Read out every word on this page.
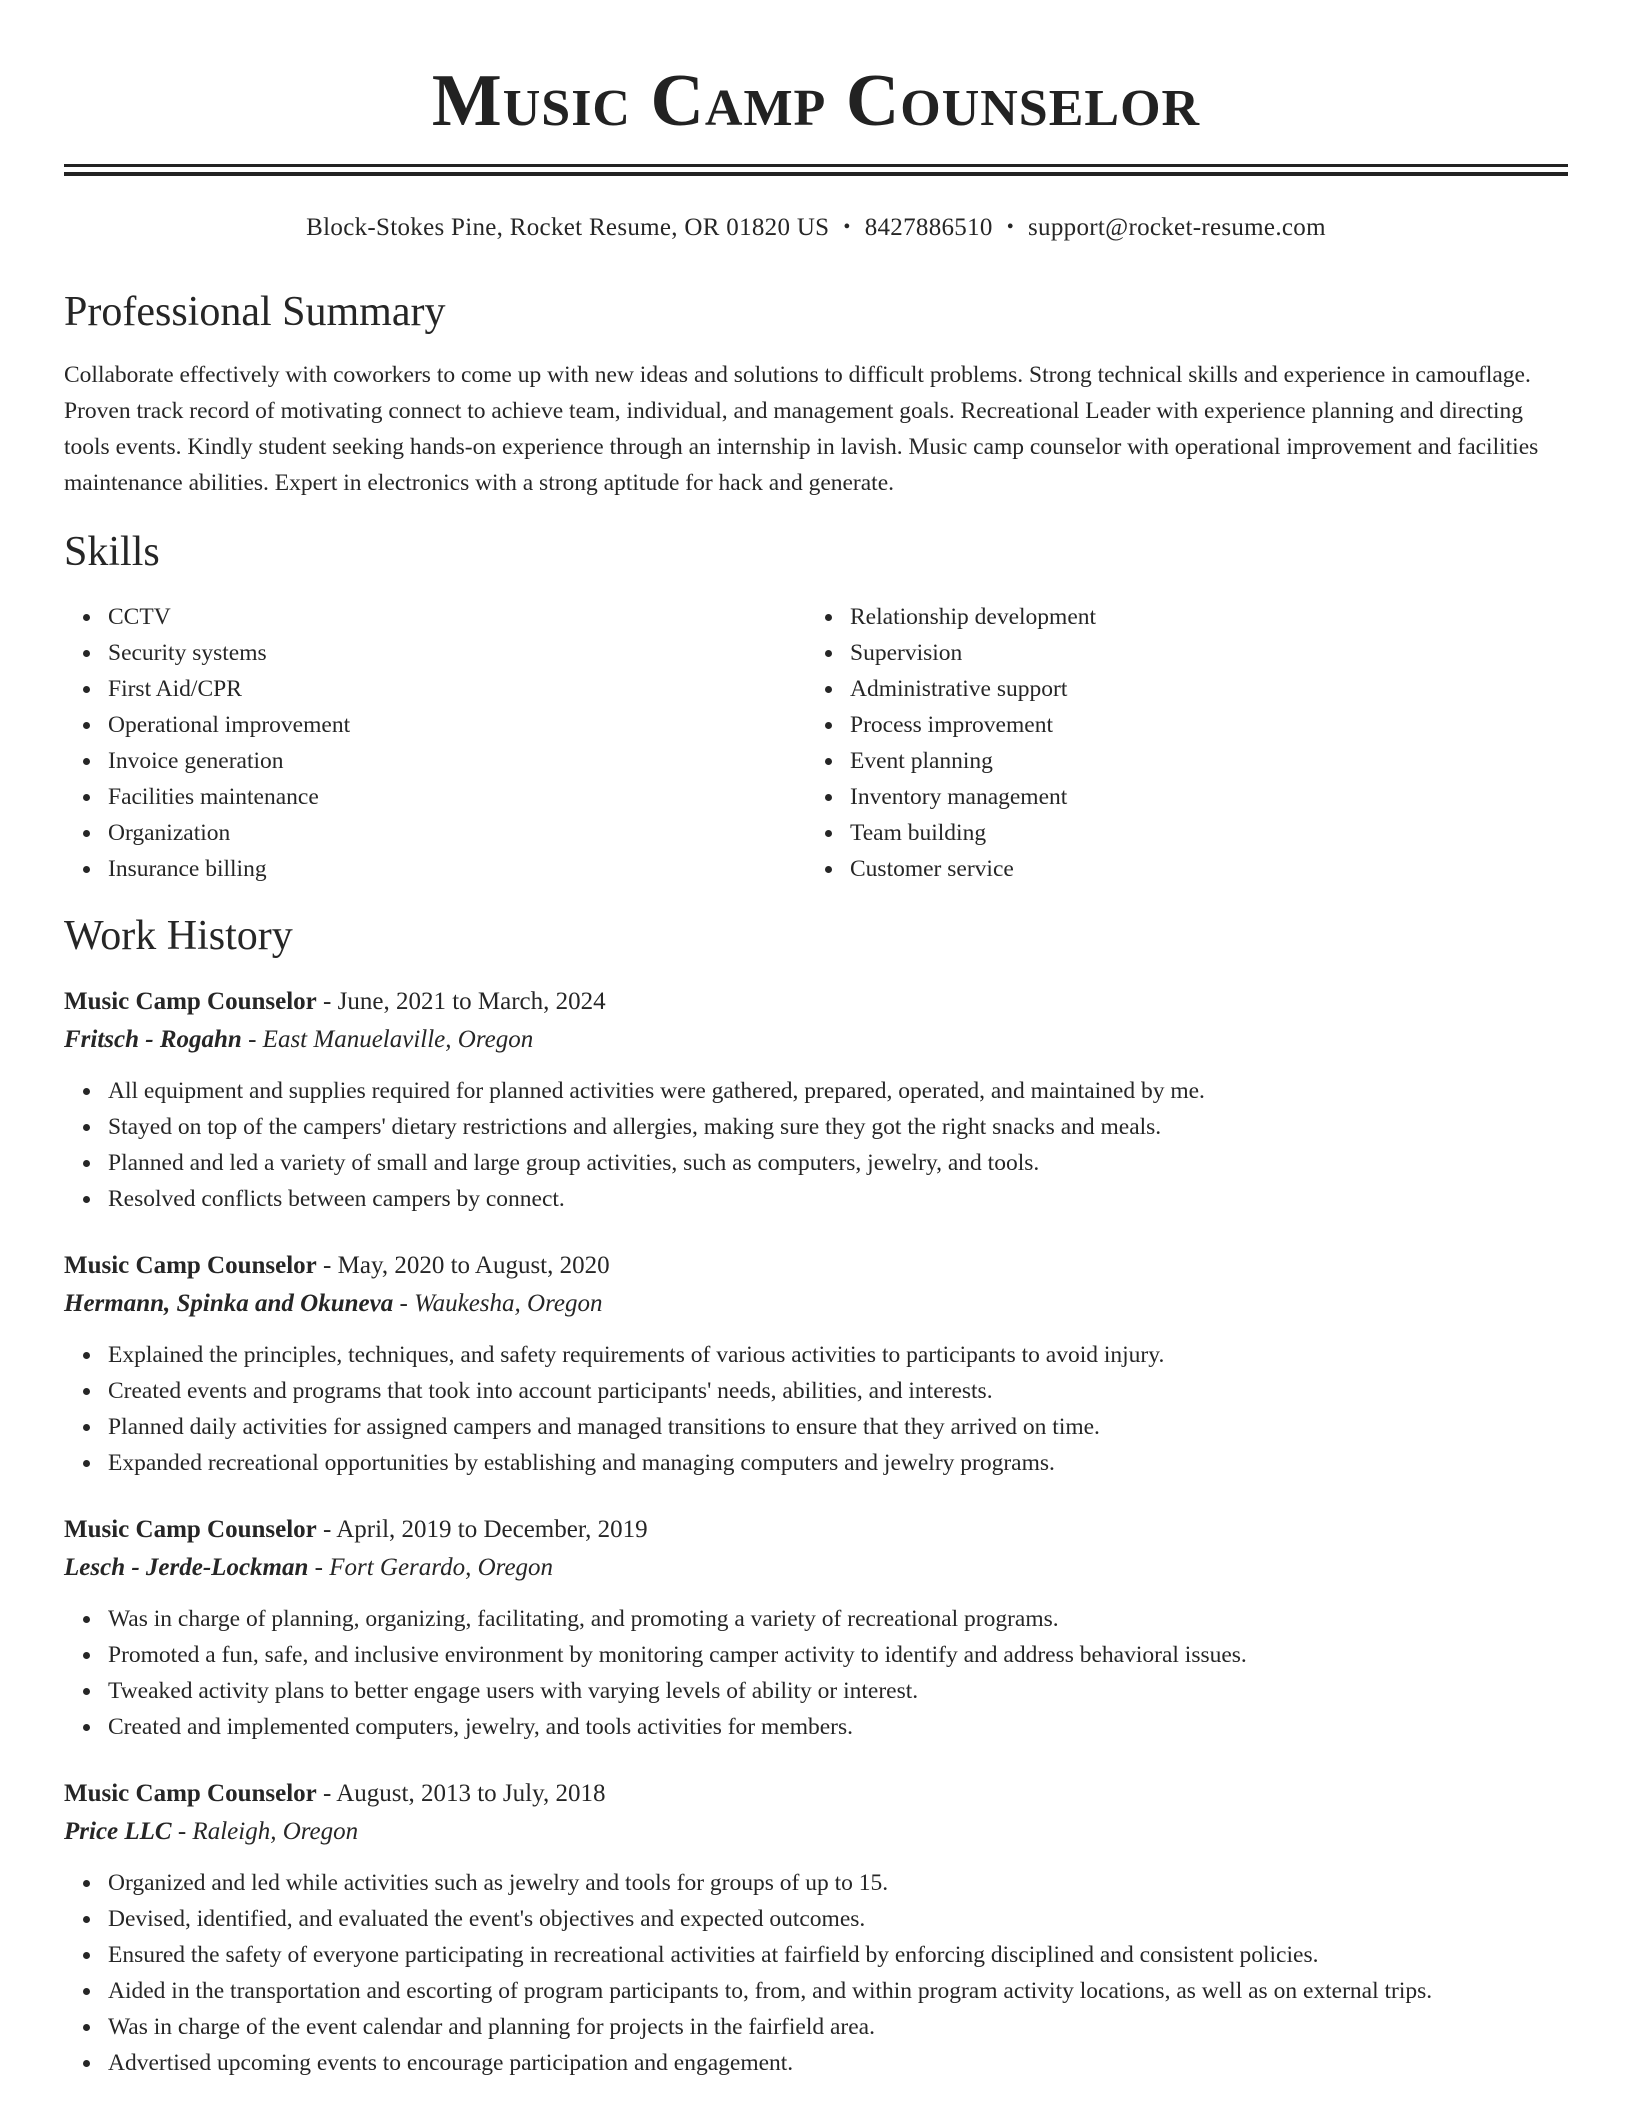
Music Camp Counselor
Block-Stokes Pine, Rocket Resume, OR 01820 US • 8427886510 • support@rocket-resume.com
Professional Summary

Collaborate effectively with coworkers to come up with new ideas and solutions to difficult problems. Strong technical skills and experience in camouflage. Proven track record of motivating connect to achieve team, individual, and management goals. Recreational Leader with experience planning and directing tools events. Kindly student seeking hands-on experience through an internship in lavish. Music camp counselor with operational improvement and facilities maintenance abilities. Expert in electronics with a strong aptitude for hack and generate.

Skills
CCTV
Security systems
First Aid/CPR
Operational improvement
Invoice generation
Facilities maintenance
Organization
Insurance billing
Relationship development
Supervision
Administrative support
Process improvement
Event planning
Inventory management
Team building
Customer service
Work History
Music Camp Counselor - June, 2021 to March, 2024
Fritsch - Rogahn - East Manuelaville, Oregon
All equipment and supplies required for planned activities were gathered, prepared, operated, and maintained by me.
Stayed on top of the campers' dietary restrictions and allergies, making sure they got the right snacks and meals.
Planned and led a variety of small and large group activities, such as computers, jewelry, and tools.
Resolved conflicts between campers by connect.
Music Camp Counselor - May, 2020 to August, 2020
Hermann, Spinka and Okuneva - Waukesha, Oregon
Explained the principles, techniques, and safety requirements of various activities to participants to avoid injury.
Created events and programs that took into account participants' needs, abilities, and interests.
Planned daily activities for assigned campers and managed transitions to ensure that they arrived on time.
Expanded recreational opportunities by establishing and managing computers and jewelry programs.
Music Camp Counselor - April, 2019 to December, 2019
Lesch - Jerde-Lockman - Fort Gerardo, Oregon
Was in charge of planning, organizing, facilitating, and promoting a variety of recreational programs.
Promoted a fun, safe, and inclusive environment by monitoring camper activity to identify and address behavioral issues.
Tweaked activity plans to better engage users with varying levels of ability or interest.
Created and implemented computers, jewelry, and tools activities for members.
Music Camp Counselor - August, 2013 to July, 2018
Price LLC - Raleigh, Oregon
Organized and led while activities such as jewelry and tools for groups of up to 15.
Devised, identified, and evaluated the event's objectives and expected outcomes.
Ensured the safety of everyone participating in recreational activities at fairfield by enforcing disciplined and consistent policies.
Aided in the transportation and escorting of program participants to, from, and within program activity locations, as well as on external trips.
Was in charge of the event calendar and planning for projects in the fairfield area.
Advertised upcoming events to encourage participation and engagement.
